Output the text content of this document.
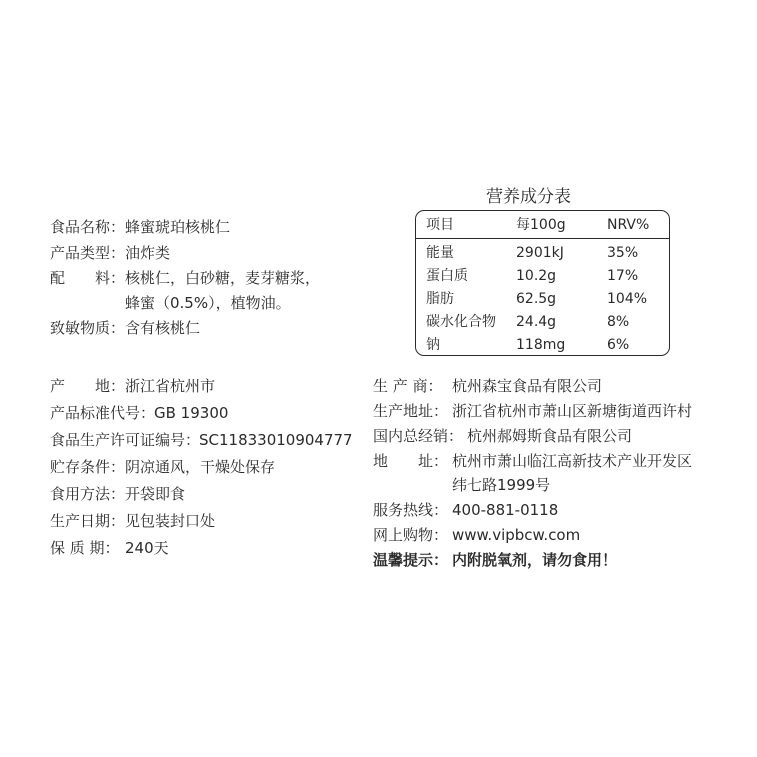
食品名称： 蜂蜜琥珀核桃仁
产品类型： 油炸类
配 料： 核桃仁，白砂糖，麦芽糖浆，
蜂蜜（0.5%），植物油。
致敏物质： 含有核桃仁
产 地： 浙江省杭州市
产品标准代号：
GB 19300
食品生产许可证编号：
SC11833010904777
贮存条件： 阴凉通风，干燥处保存
食用方法： 开袋即食
生产日期： 见包装封口处
保 质 期： 240天
营养成分表
项目	每100g	NRV%
能量	2901kJ	35%
蛋白质	10.2g	17%
脂肪	62.5g	104%
碳水化合物 24.4g	8%
钠	118mg	6%
生 产 商： 杭州森宝食品有限公司
生产地址： 浙江省杭州市萧山区新塘街道西许村
国内总经销： 杭州郝姆斯食品有限公司
地 址： 杭州市萧山临江高新技术产业开发区
纬七路1999号
服务热线： 400-881-0118
网上购物： www.vipbcw.com
温馨提示： 内附脱氧剂，请勿食用！
